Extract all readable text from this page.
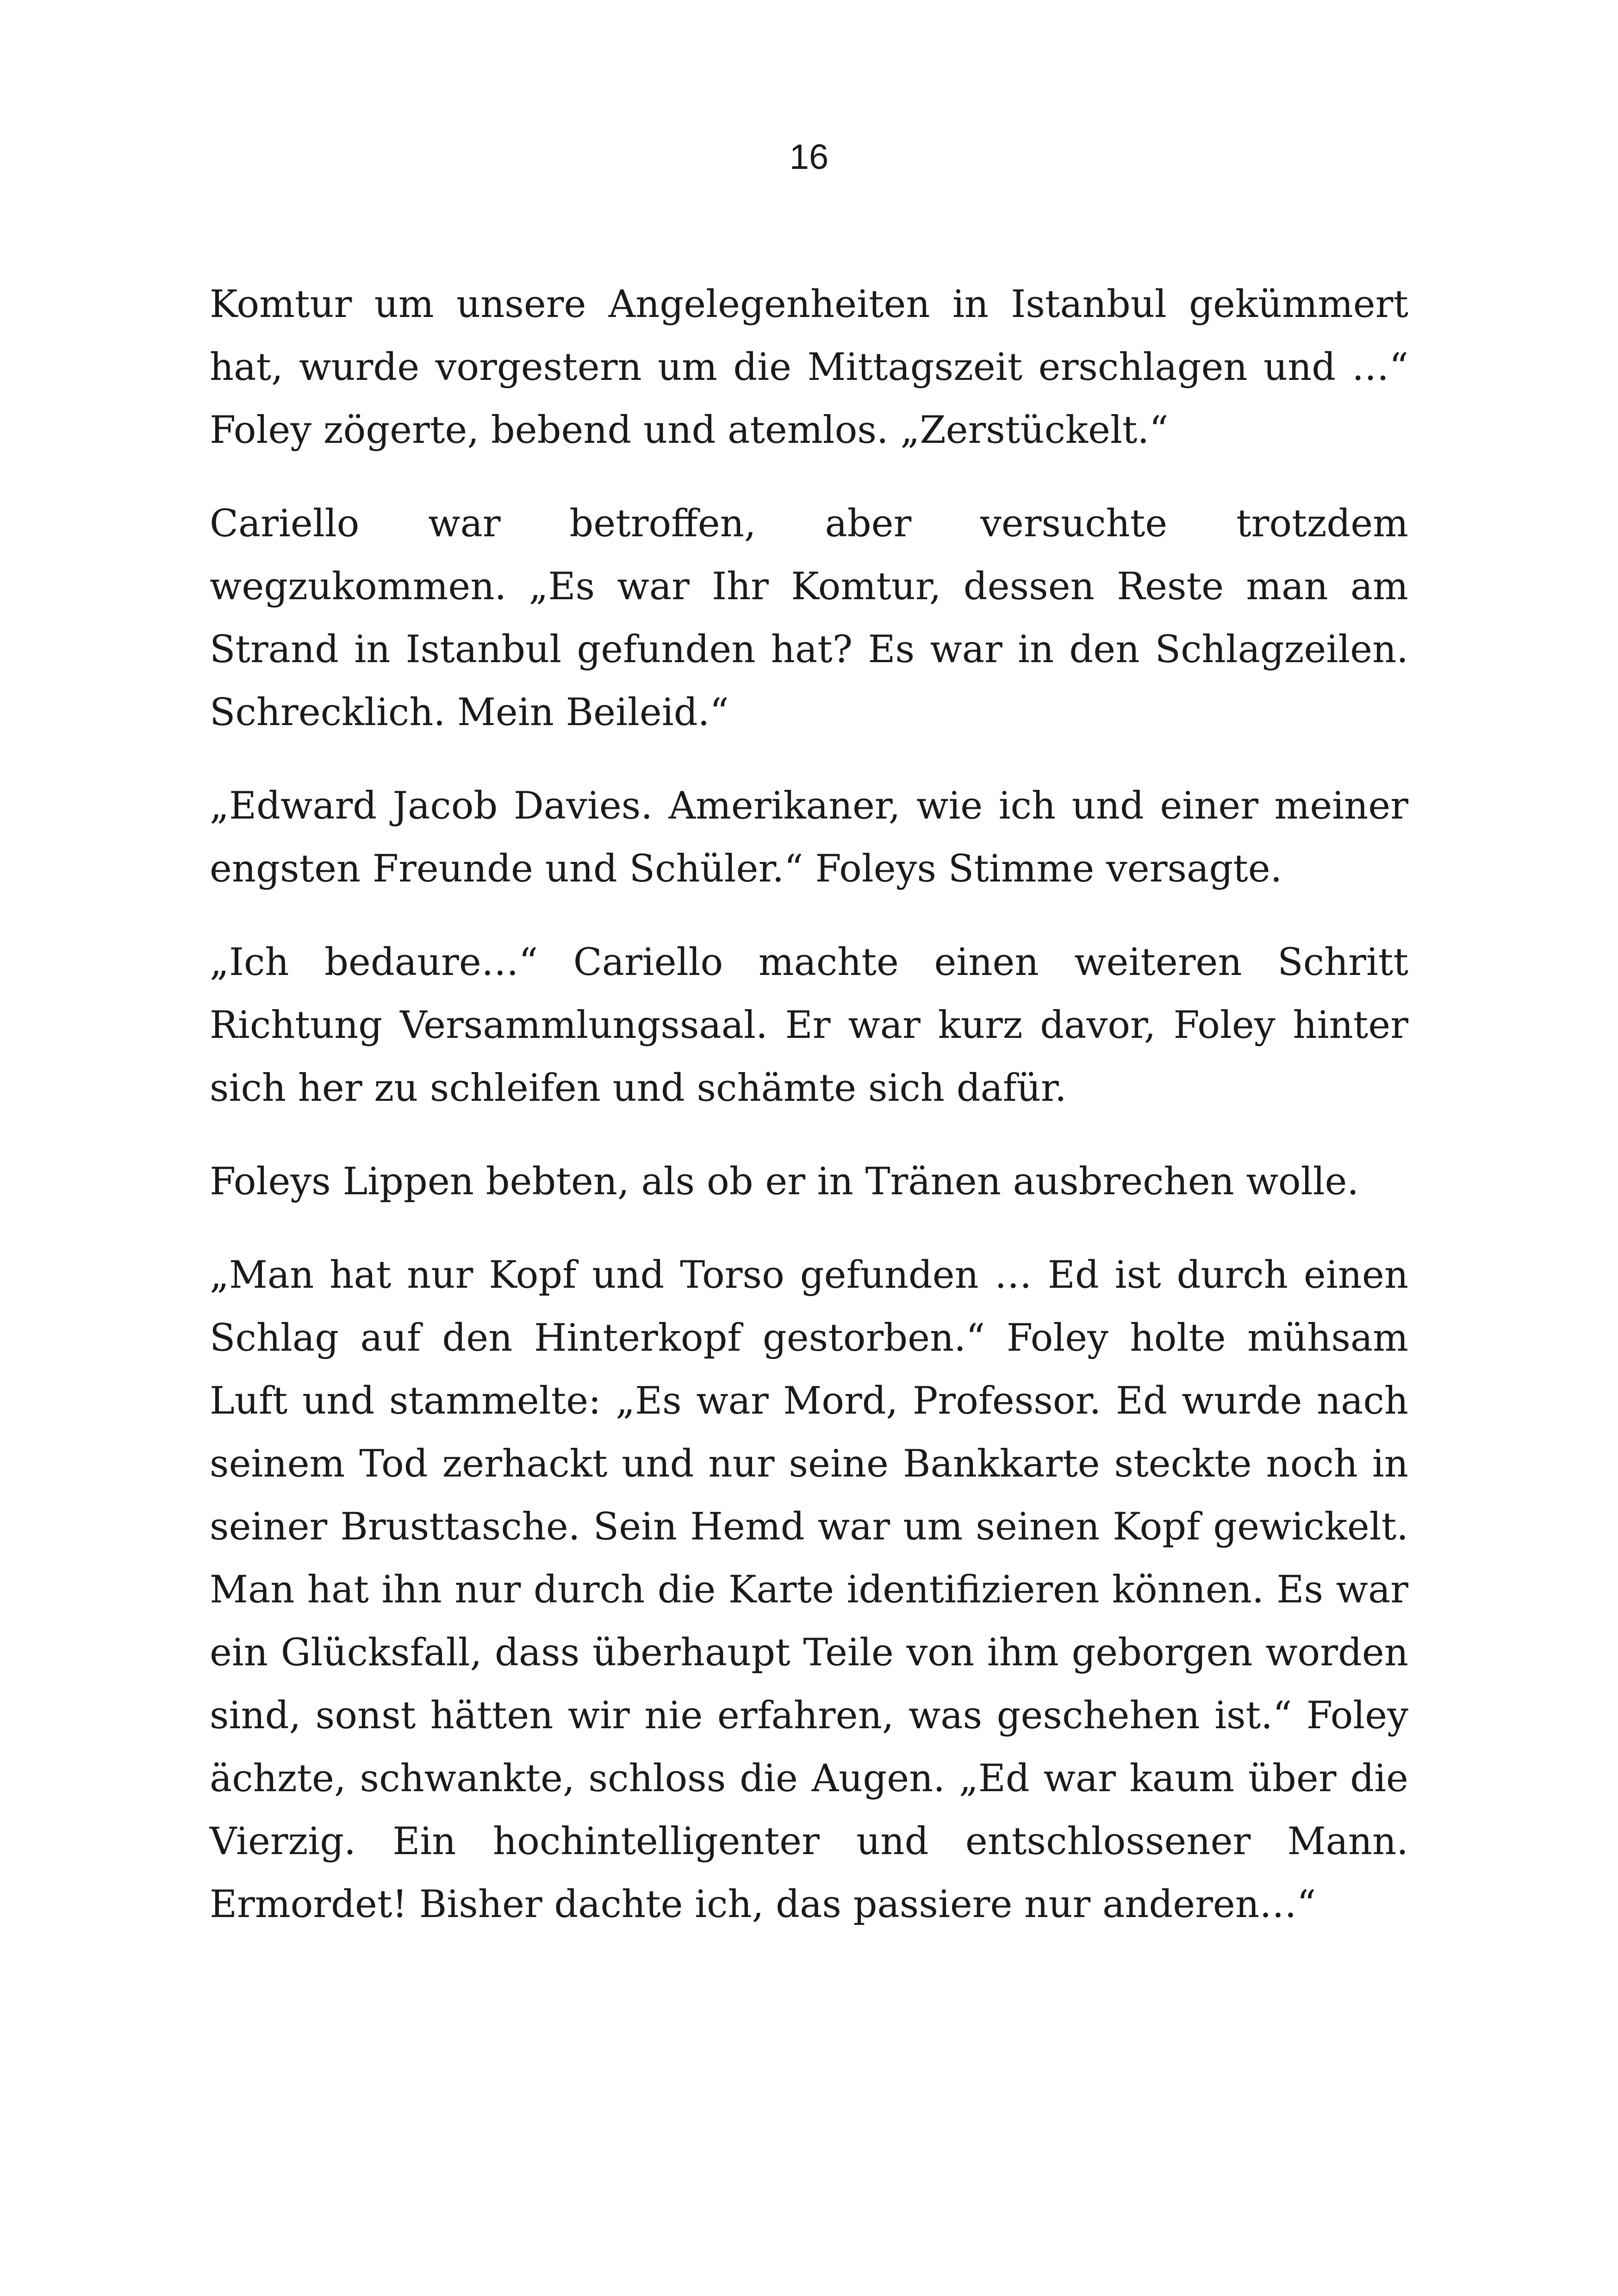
16

Komtur um unsere Angelegenheiten in Istanbul gekümmert hat, wurde vorgestern um die Mittagszeit erschlagen und …“ Foley zögerte, bebend und atemlos. „Zerstückelt.“

Cariello war betroffen, aber versuchte trotzdem wegzukommen. „Es war Ihr Komtur, dessen Reste man am Strand in Istanbul gefunden hat? Es war in den Schlagzeilen. Schrecklich. Mein Beileid.“

„Edward Jacob Davies. Amerikaner, wie ich und einer meiner engsten Freunde und Schüler.“ Foleys Stimme versagte.

„Ich bedaure…“ Cariello machte einen weiteren Schritt Richtung Versammlungssaal. Er war kurz davor, Foley hinter sich her zu schleifen und schämte sich dafür.

Foleys Lippen bebten, als ob er in Tränen ausbrechen wolle.

„Man hat nur Kopf und Torso gefunden … Ed ist durch einen Schlag auf den Hinterkopf gestorben.“ Foley holte mühsam Luft und stammelte: „Es war Mord, Professor. Ed wurde nach seinem Tod zerhackt und nur seine Bankkarte steckte noch in seiner Brusttasche. Sein Hemd war um seinen Kopf gewickelt. Man hat ihn nur durch die Karte identifizieren können. Es war ein Glücksfall, dass überhaupt Teile von ihm geborgen worden sind, sonst hätten wir nie erfahren, was geschehen ist.“ Foley ächzte, schwankte, schloss die Augen. „Ed war kaum über die Vierzig. Ein hochintelligenter und entschlossener Mann. Ermordet! Bisher dachte ich, das passiere nur anderen…“
